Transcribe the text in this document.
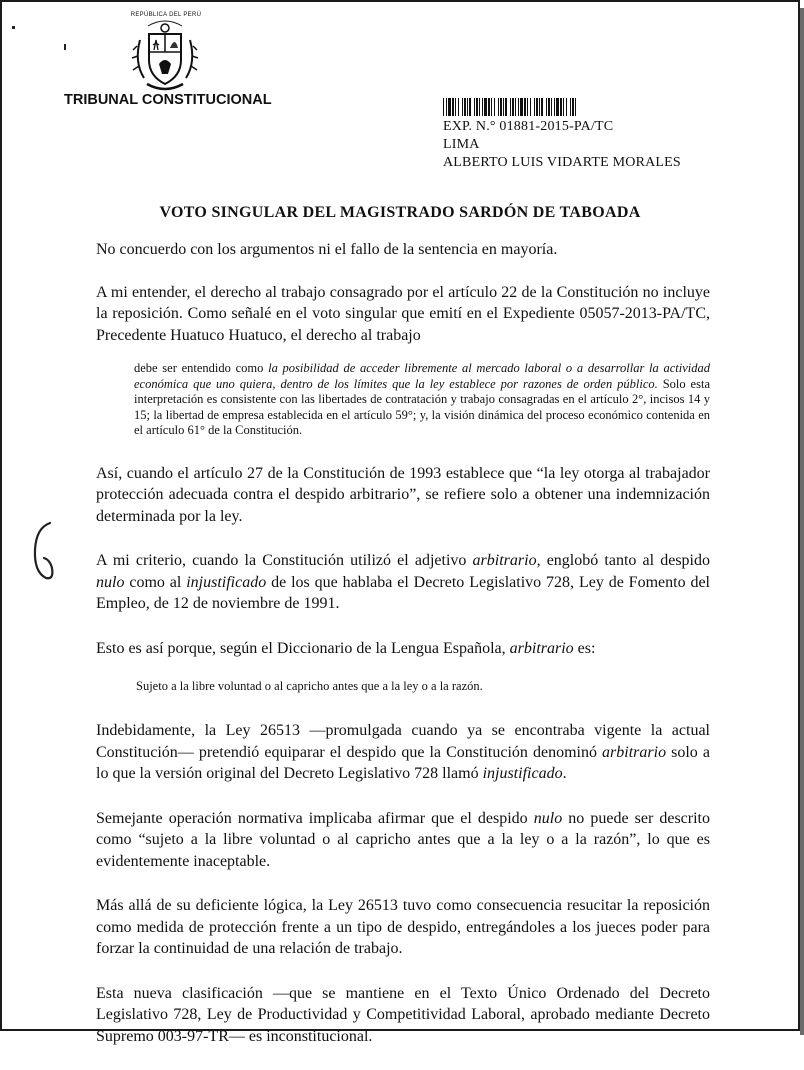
REPÚBLICA DEL PERÚ
TRIBUNAL CONSTITUCIONAL
EXP. N.° 01881-2015-PA/TC
LIMA
ALBERTO LUIS VIDARTE MORALES
VOTO SINGULAR DEL MAGISTRADO SARDÓN DE TABOADA

No concuerdo con los argumentos ni el fallo de la sentencia en mayoría.

A mi entender, el derecho al trabajo consagrado por el artículo 22 de la Constitución no incluye la reposición. Como señalé en el voto singular que emití en el Expediente 05057-2013-PA/TC, Precedente Huatuco Huatuco, el derecho al trabajo

debe ser entendido como la posibilidad de acceder libremente al mercado laboral o a desarrollar la actividad económica que uno quiera, dentro de los límites que la ley establece por razones de orden público. Solo esta interpretación es consistente con las libertades de contratación y trabajo consagradas en el artículo 2°, incisos 14 y 15; la libertad de empresa establecida en el artículo 59°; y, la visión dinámica del proceso económico contenida en el artículo 61° de la Constitución.

Así, cuando el artículo 27 de la Constitución de 1993 establece que “la ley otorga al trabajador protección adecuada contra el despido arbitrario”, se refiere solo a obtener una indemnización determinada por la ley.

A mi criterio, cuando la Constitución utilizó el adjetivo arbitrario, englobó tanto al despido nulo como al injustificado de los que hablaba el Decreto Legislativo 728, Ley de Fomento del Empleo, de 12 de noviembre de 1991.

Esto es así porque, según el Diccionario de la Lengua Española, arbitrario es:

Sujeto a la libre voluntad o al capricho antes que a la ley o a la razón.

Indebidamente, la Ley 26513 —promulgada cuando ya se encontraba vigente la actual Constitución— pretendió equiparar el despido que la Constitución denominó arbitrario solo a lo que la versión original del Decreto Legislativo 728 llamó injustificado.

Semejante operación normativa implicaba afirmar que el despido nulo no puede ser descrito como “sujeto a la libre voluntad o al capricho antes que a la ley o a la razón”, lo que es evidentemente inaceptable.

Más allá de su deficiente lógica, la Ley 26513 tuvo como consecuencia resucitar la reposición como medida de protección frente a un tipo de despido, entregándoles a los jueces poder para forzar la continuidad de una relación de trabajo.

Esta nueva clasificación —que se mantiene en el Texto Único Ordenado del Decreto Legislativo 728, Ley de Productividad y Competitividad Laboral, aprobado mediante Decreto Supremo 003-97-TR— es inconstitucional.
